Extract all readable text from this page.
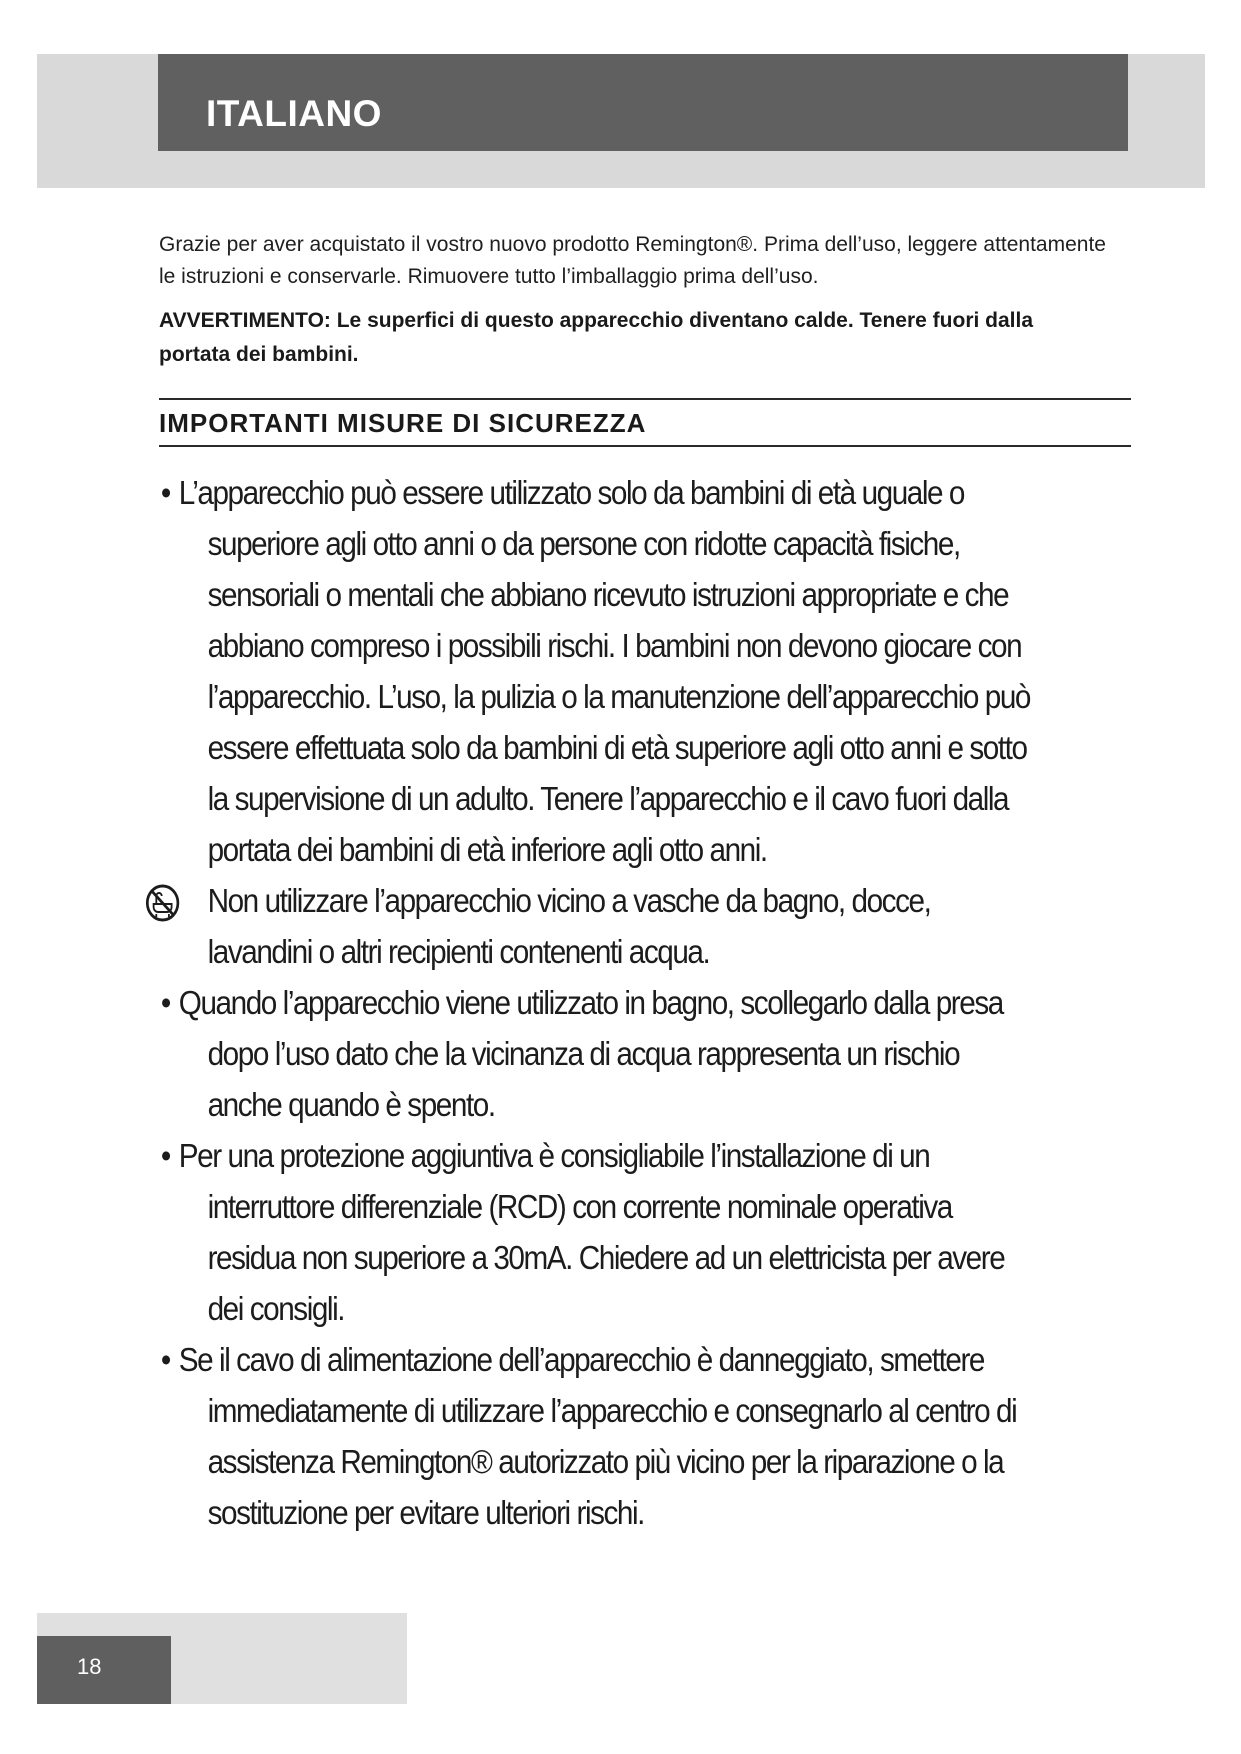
ITALIANO
Grazie per aver acquistato il vostro nuovo prodotto Remington®. Prima dell’uso, leggere attentamente le istruzioni e conservarle. Rimuovere tutto l’imballaggio prima dell’uso.
AVVERTIMENTO: Le superfici di questo apparecchio diventano calde. Tenere fuori dalla portata dei bambini.
IMPORTANTI MISURE DI SICUREZZA
• L’apparecchio può essere utilizzato solo da bambini di età uguale o superiore agli otto anni o da persone con ridotte capacità fisiche, sensoriali o mentali che abbiano ricevuto istruzioni appropriate e che abbiano compreso i possibili rischi. I bambini non devono giocare con l’apparecchio. L’uso, la pulizia o la manutenzione dell’apparecchio può essere effettuata solo da bambini di età superiore agli otto anni e sotto la supervisione di un adulto. Tenere l’apparecchio e il cavo fuori dalla portata dei bambini di età inferiore agli otto anni.
Non utilizzare l’apparecchio vicino a vasche da bagno, docce, lavandini o altri recipienti contenenti acqua.
• Quando l’apparecchio viene utilizzato in bagno, scollegarlo dalla presa dopo l’uso dato che la vicinanza di acqua rappresenta un rischio anche quando è spento.
• Per una protezione aggiuntiva è consigliabile l’installazione di un interruttore differenziale (RCD) con corrente nominale operativa residua non superiore a 30mA. Chiedere ad un elettricista per avere dei consigli.
• Se il cavo di alimentazione dell’apparecchio è danneggiato, smettere immediatamente di utilizzare l’apparecchio e consegnarlo al centro di assistenza Remington® autorizzato più vicino per la riparazione o la sostituzione per evitare ulteriori rischi.
18
